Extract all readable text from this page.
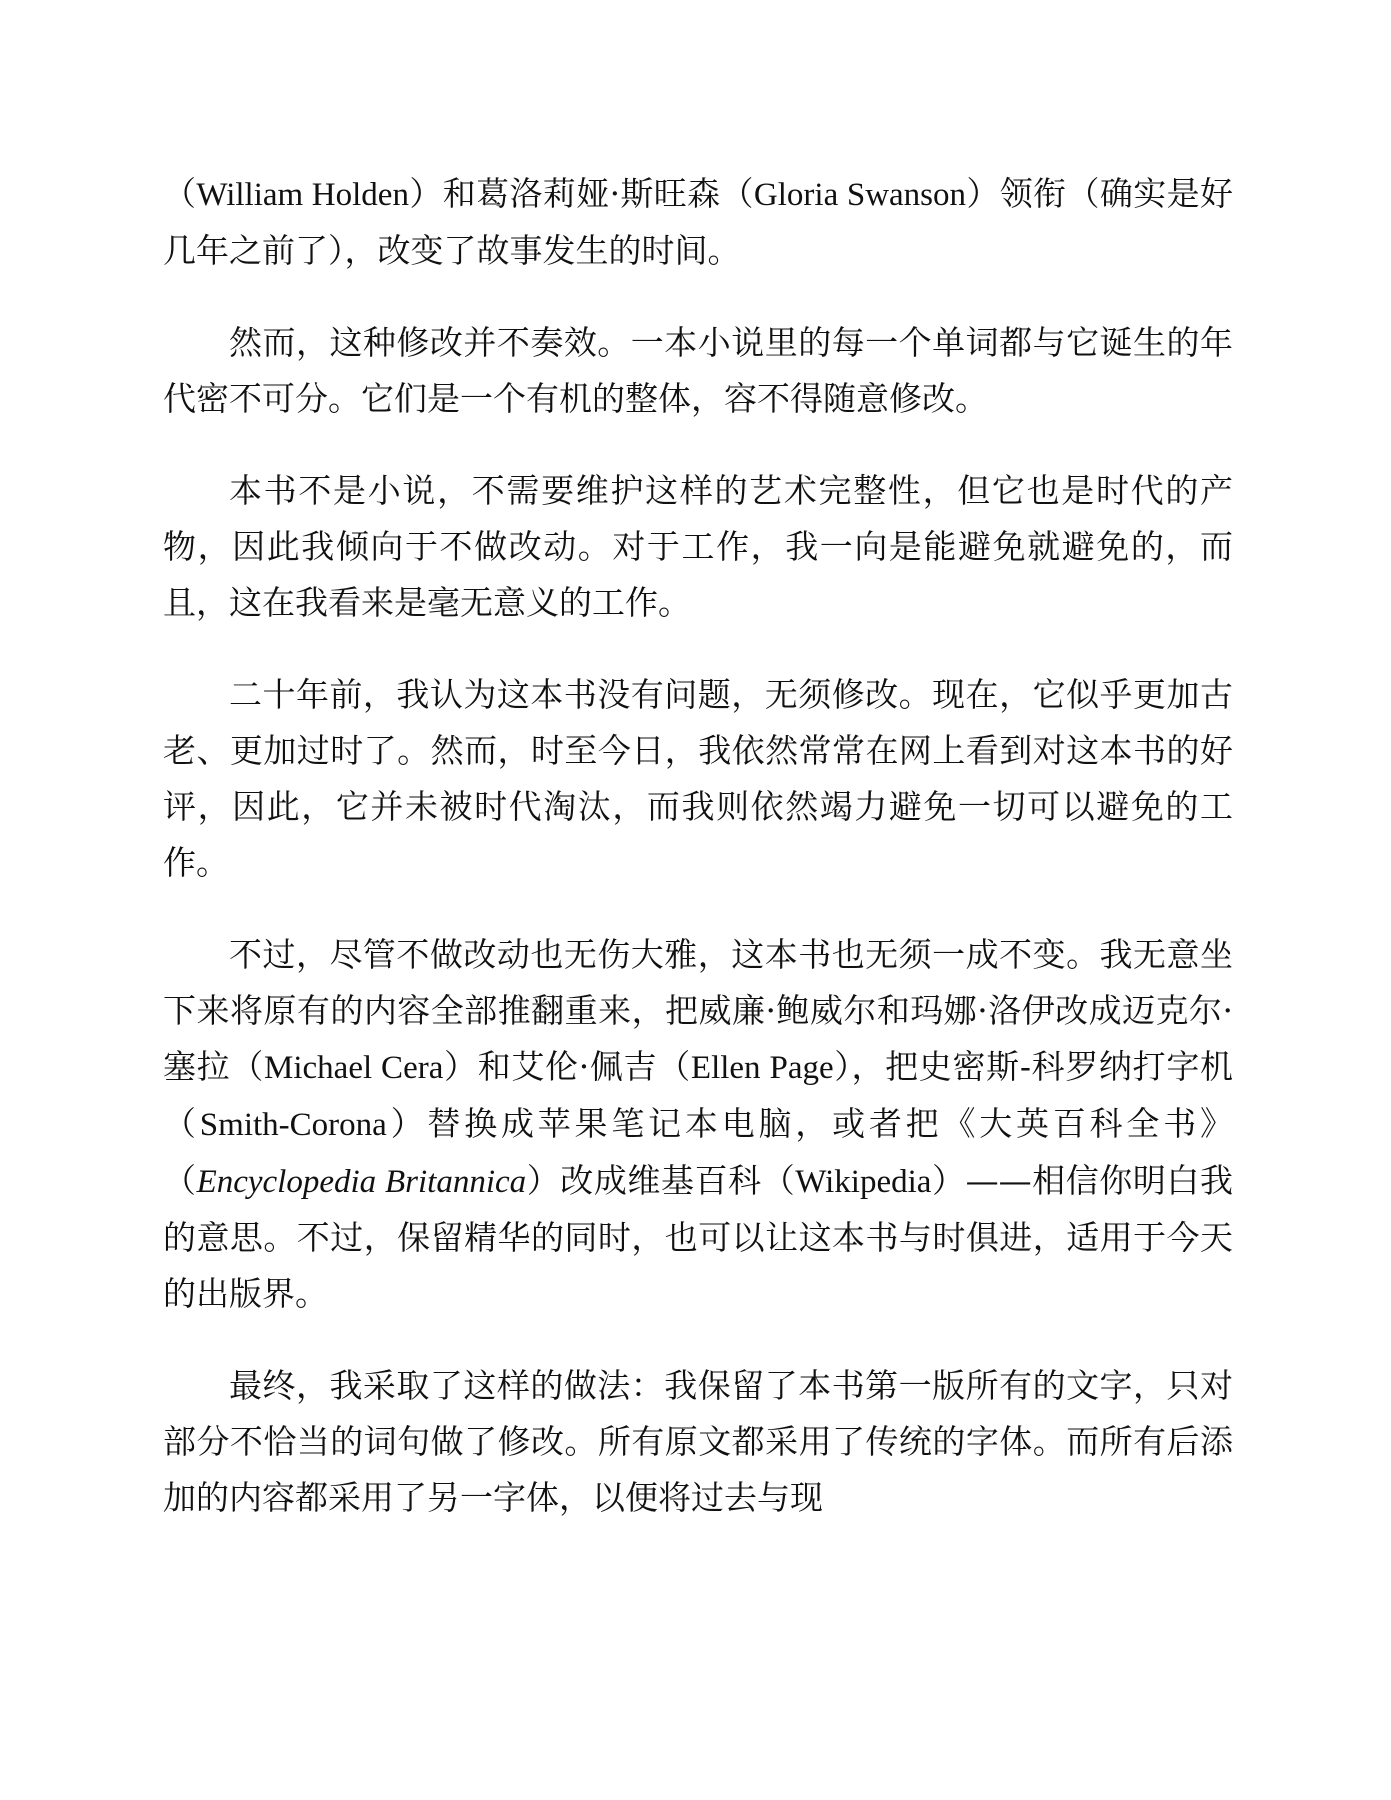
（William Holden）和葛洛莉娅·斯旺森（Gloria Swanson）领衔（确实是好几年之前了），改变了故事发生的时间。

然而，这种修改并不奏效。一本小说里的每一个单词都与它诞生的年代密不可分。它们是一个有机的整体，容不得随意修改。

本书不是小说，不需要维护这样的艺术完整性，但它也是时代的产物，因此我倾向于不做改动。对于工作，我一向是能避免就避免的，而且，这在我看来是毫无意义的工作。

二十年前，我认为这本书没有问题，无须修改。现在，它似乎更加古老、更加过时了。然而，时至今日，我依然常常在网上看到对这本书的好评，因此，它并未被时代淘汰，而我则依然竭力避免一切可以避免的工作。

不过，尽管不做改动也无伤大雅，这本书也无须一成不变。我无意坐下来将原有的内容全部推翻重来，把威廉·鲍威尔和玛娜·洛伊改成迈克尔·塞拉（Michael Cera）和艾伦·佩吉（Ellen Page），把史密斯-科罗纳打字机（Smith-Corona）替换成苹果笔记本电脑，或者把《大英百科全书》（Encyclopedia Britannica）改成维基百科（Wikipedia）——相信你明白我的意思。不过，保留精华的同时，也可以让这本书与时俱进，适用于今天的出版界。

最终，我采取了这样的做法：我保留了本书第一版所有的文字，只对部分不恰当的词句做了修改。所有原文都采用了传统的字体。而所有后添加的内容都采用了另一字体，以便将过去与现
